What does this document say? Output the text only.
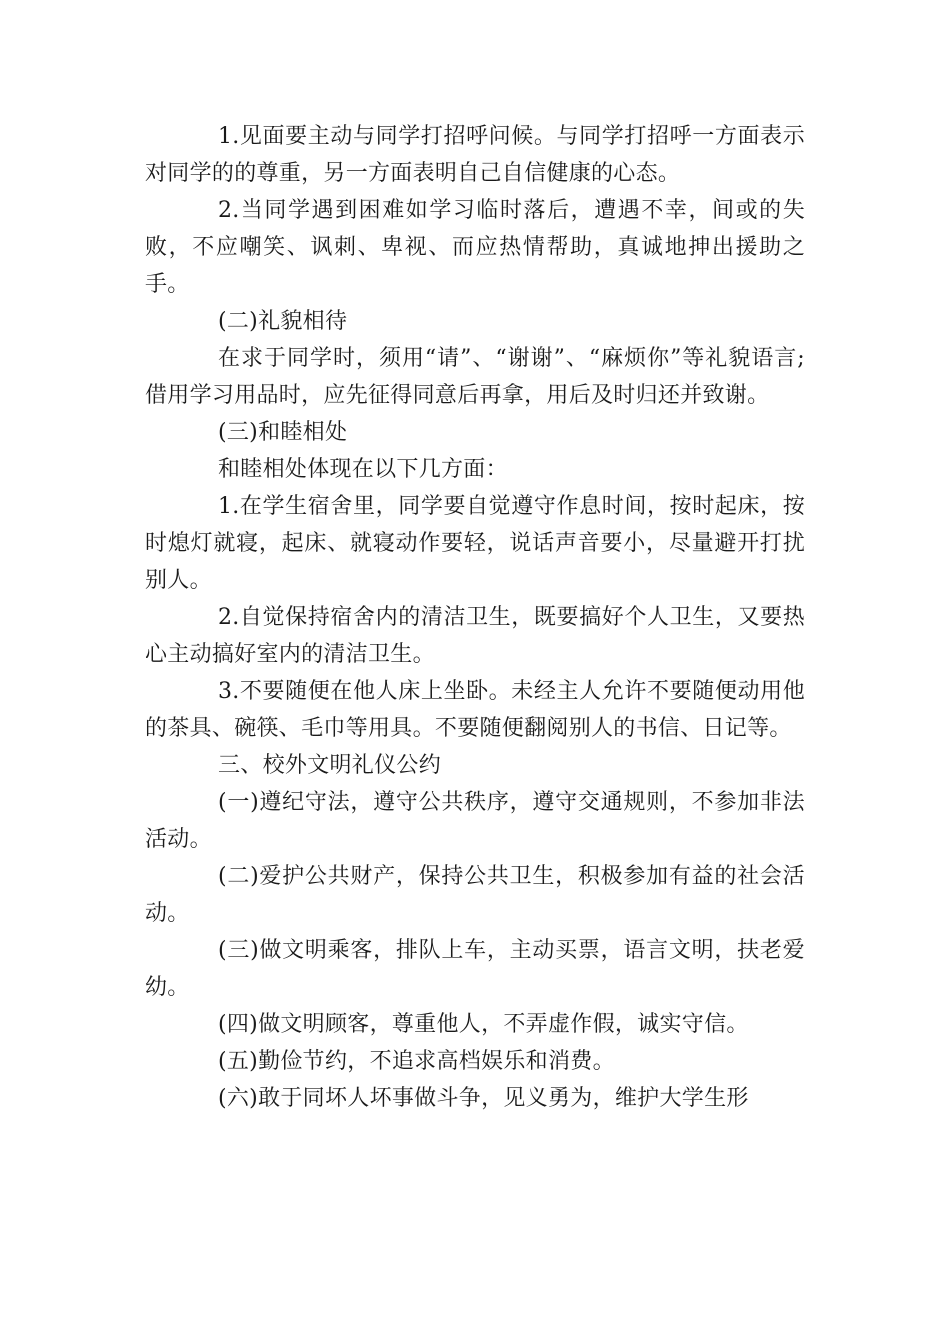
1.见面要主动与同学打招呼问候。与同学打招呼一方面表示对同学的的尊重，另一方面表明自己自信健康的心态。

2.当同学遇到困难如学习临时落后，遭遇不幸，间或的失败，不应嘲笑、讽刺、卑视、而应热情帮助，真诚地抻出援助之手。

(二)礼貌相待

在求于同学时，须用“请”、“谢谢”、“麻烦你”等礼貌语言;借用学习用品时，应先征得同意后再拿，用后及时归还并致谢。

(三)和睦相处

和睦相处体现在以下几方面：

1.在学生宿舍里，同学要自觉遵守作息时间，按时起床，按时熄灯就寝，起床、就寝动作要轻，说话声音要小，尽量避开打扰别人。

2.自觉保持宿舍内的清洁卫生，既要搞好个人卫生，又要热心主动搞好室内的清洁卫生。

3.不要随便在他人床上坐卧。未经主人允许不要随便动用他的茶具、碗筷、毛巾等用具。不要随便翻阅别人的书信、日记等。

三、校外文明礼仪公约

(一)遵纪守法，遵守公共秩序，遵守交通规则，不参加非法活动。

(二)爱护公共财产，保持公共卫生，积极参加有益的社会活动。

(三)做文明乘客，排队上车，主动买票，语言文明，扶老爱幼。

(四)做文明顾客，尊重他人，不弄虚作假，诚实守信。

(五)勤俭节约，不追求高档娱乐和消费。

(六)敢于同坏人坏事做斗争，见义勇为，维护大学生形
